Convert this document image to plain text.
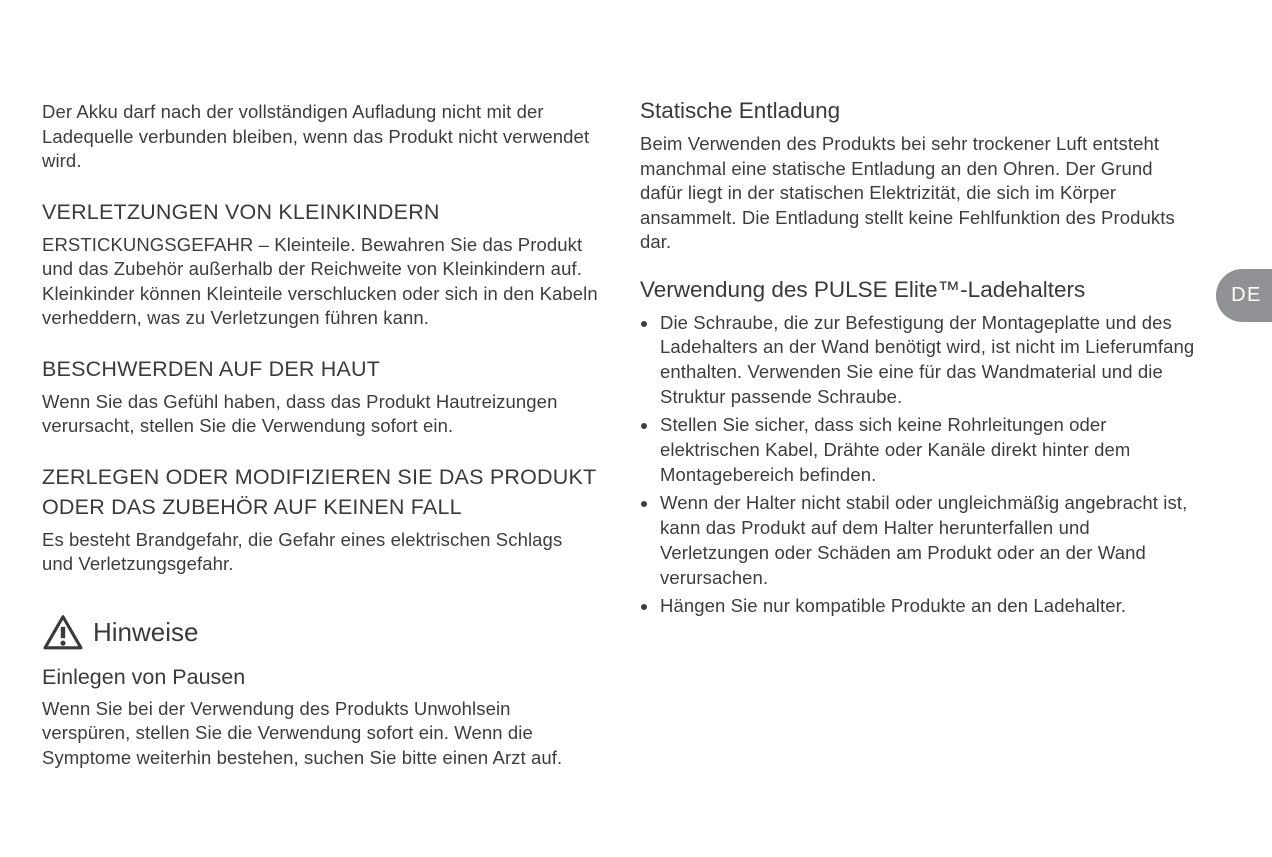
Der Akku darf nach der vollständigen Aufladung nicht mit der Ladequelle verbunden bleiben, wenn das Produkt nicht verwendet wird.

VERLETZUNGEN VON KLEINKINDERN

ERSTICKUNGSGEFAHR – Kleinteile. Bewahren Sie das Produkt und das Zubehör außerhalb der Reichweite von Kleinkindern auf.

Kleinkinder können Kleinteile verschlucken oder sich in den Kabeln verheddern, was zu Verletzungen führen kann.

BESCHWERDEN AUF DER HAUT

Wenn Sie das Gefühl haben, dass das Produkt Hautreizungen verursacht, stellen Sie die Verwendung sofort ein.

ZERLEGEN ODER MODIFIZIEREN SIE DAS PRODUKT ODER DAS ZUBEHÖR AUF KEINEN FALL

Es besteht Brandgefahr, die Gefahr eines elektrischen Schlags und Verletzungsgefahr.

Hinweise
Einlegen von Pausen

Wenn Sie bei der Verwendung des Produkts Unwohlsein verspüren, stellen Sie die Verwendung sofort ein. Wenn die Symptome weiterhin bestehen, suchen Sie bitte einen Arzt auf.

Statische Entladung

Beim Verwenden des Produkts bei sehr trockener Luft entsteht manchmal eine statische Entladung an den Ohren. Der Grund dafür liegt in der statischen Elektrizität, die sich im Körper ansammelt. Die Entladung stellt keine Fehlfunktion des Produkts dar.

Verwendung des PULSE Elite™-Ladehalters
• Die Schraube, die zur Befestigung der Montageplatte und des Ladehalters an der Wand benötigt wird, ist nicht im Lieferumfang enthalten. Verwenden Sie eine für das Wandmaterial und die Struktur passende Schraube.
• Stellen Sie sicher, dass sich keine Rohrleitungen oder elektrischen Kabel, Drähte oder Kanäle direkt hinter dem Montagebereich befinden.
• Wenn der Halter nicht stabil oder ungleichmäßig angebracht ist, kann das Produkt auf dem Halter herunterfallen und Verletzungen oder Schäden am Produkt oder an der Wand verursachen.
• Hängen Sie nur kompatible Produkte an den Ladehalter.
DE
